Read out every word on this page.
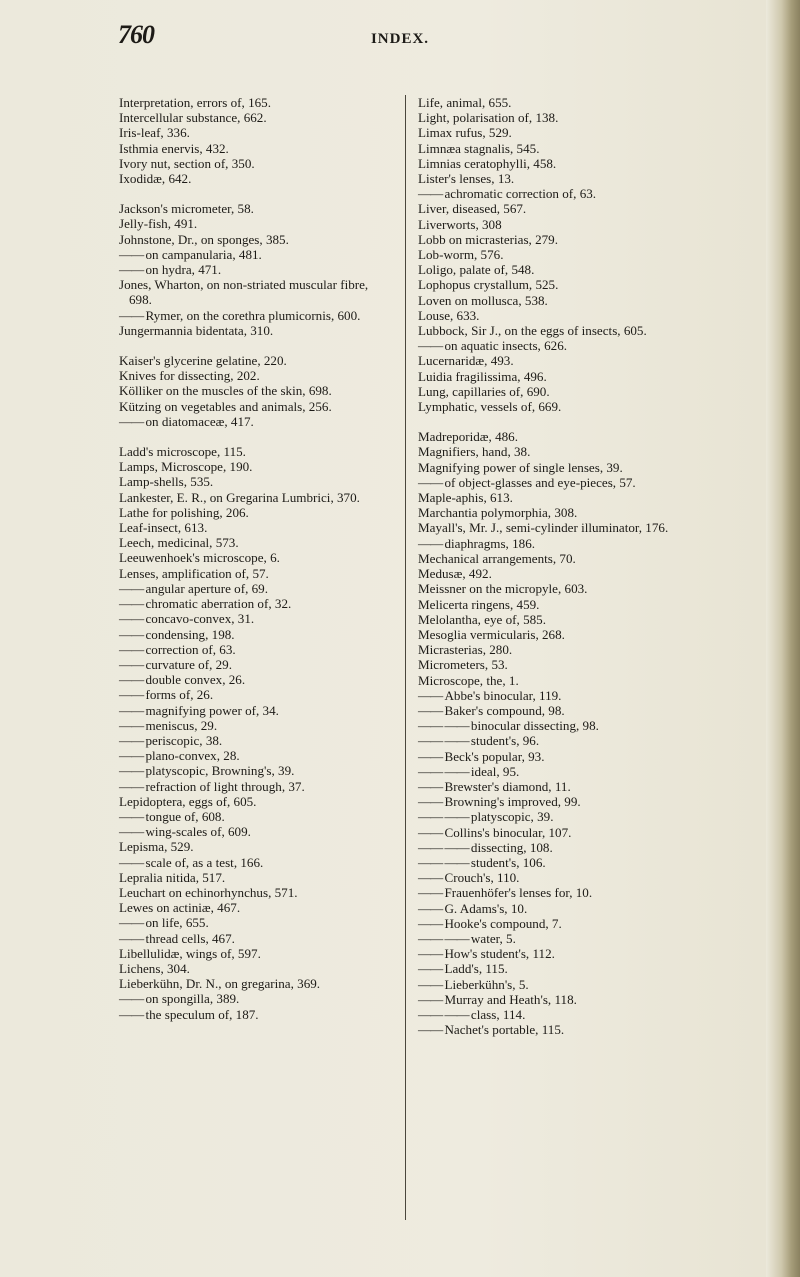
760	INDEX.
Interpretation, errors of, 165.
Intercellular substance, 662.
Iris-leaf, 336.
Isthmia enervis, 432.
Ivory nut, section of, 350.
Ixodidæ, 642.
Jackson's micrometer, 58.
Jelly-fish, 491.
Johnstone, Dr., on sponges, 385.
—— on campanularia, 481.
—— on hydra, 471.
Jones, Wharton, on non-striated muscular fibre, 698.
—— Rymer, on the corethra plumicornis, 600.
Jungermannia bidentata, 310.
Kaiser's glycerine gelatine, 220.
Knives for dissecting, 202.
Kölliker on the muscles of the skin, 698.
Kützing on vegetables and animals, 256.
—— on diatomaceæ, 417.
Ladd's microscope, 115.
Lamps, Microscope, 190.
Lamp-shells, 535.
Lankester, E. R., on Gregarina Lumbrici, 370.
Lathe for polishing, 206.
Leaf-insect, 613.
Leech, medicinal, 573.
Leeuwenhoek's microscope, 6.
Lenses, amplification of, 57.
—— angular aperture of, 69.
—— chromatic aberration of, 32.
—— concavo-convex, 31.
—— condensing, 198.
—— correction of, 63.
—— curvature of, 29.
—— double convex, 26.
—— forms of, 26.
—— magnifying power of, 34.
—— meniscus, 29.
—— periscopic, 38.
—— plano-convex, 28.
—— platyscopic, Browning's, 39.
—— refraction of light through, 37.
Lepidoptera, eggs of, 605.
—— tongue of, 608.
—— wing-scales of, 609.
Lepisma, 529.
—— scale of, as a test, 166.
Lepralia nitida, 517.
Leuchart on echinorhynchus, 571.
Lewes on actiniæ, 467.
—— on life, 655.
—— thread cells, 467.
Libellulidæ, wings of, 597.
Lichens, 304.
Lieberkühn, Dr. N., on gregarina, 369.
—— on spongilla, 389.
—— the speculum of, 187.
Life, animal, 655.
Light, polarisation of, 138.
Limax rufus, 529.
Limnæa stagnalis, 545.
Limnias ceratophylli, 458.
Lister's lenses, 13.
—— achromatic correction of, 63.
Liver, diseased, 567.
Liverworts, 308
Lobb on micrasterias, 279.
Lob-worm, 576.
Loligo, palate of, 548.
Lophopus crystallum, 525.
Loven on mollusca, 538.
Louse, 633.
Lubbock, Sir J., on the eggs of insects, 605.
—— on aquatic insects, 626.
Lucernaridæ, 493.
Luidia fragilissima, 496.
Lung, capillaries of, 690.
Lymphatic, vessels of, 669.
Madreporidæ, 486.
Magnifiers, hand, 38.
Magnifying power of single lenses, 39.
—— of object-glasses and eye-pieces, 57.
Maple-aphis, 613.
Marchantia polymorphia, 308.
Mayall's, Mr. J., semi-cylinder illuminator, 176.
—— diaphragms, 186.
Mechanical arrangements, 70.
Medusæ, 492.
Meissner on the micropyle, 603.
Melicerta ringens, 459.
Melolantha, eye of, 585.
Mesoglia vermicularis, 268.
Micrasterias, 280.
Micrometers, 53.
Microscope, the, 1.
—— Abbe's binocular, 119.
—— Baker's compound, 98.
—— —— binocular dissecting, 98.
—— —— student's, 96.
—— Beck's popular, 93.
—— —— ideal, 95.
—— Brewster's diamond, 11.
—— Browning's improved, 99.
—— —— platyscopic, 39.
—— Collins's binocular, 107.
—— —— dissecting, 108.
—— —— student's, 106.
—— Crouch's, 110.
—— Frauenhöfer's lenses for, 10.
—— G. Adams's, 10.
—— Hooke's compound, 7.
—— —— water, 5.
—— How's student's, 112.
—— Ladd's, 115.
—— Lieberkühn's, 5.
—— Murray and Heath's, 118.
—— —— class, 114.
—— Nachet's portable, 115.
